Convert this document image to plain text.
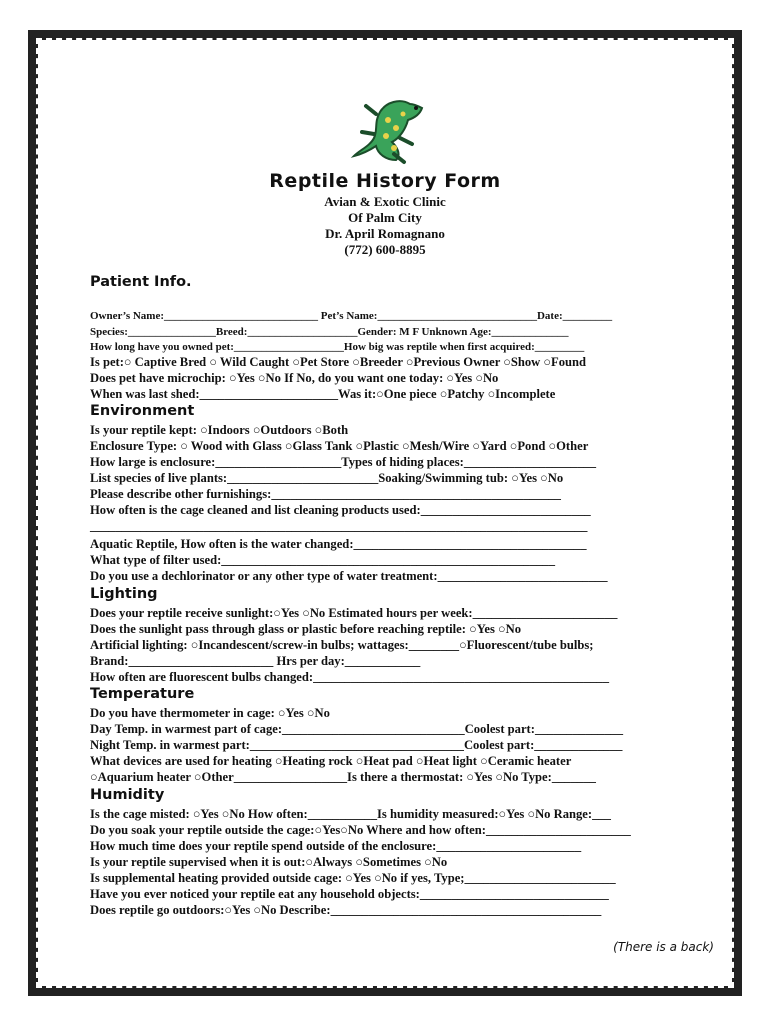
Reptile History Form
Avian & Exotic Clinic
Of Palm City
Dr. April Romagnano
(772) 600-8895
Patient Info.
Owner’s Name:____________________________ Pet’s Name:_____________________________Date:_________
Species:________________Breed:____________________Gender: M F Unknown Age:______________
How long have you owned pet:____________________How big was reptile when first acquired:_________
Is pet:○ Captive Bred ○ Wild Caught ○Pet Store ○Breeder ○Previous Owner ○Show ○Found
Does pet have microchip: ○Yes ○No If No, do you want one today: ○Yes ○No
When was last shed:______________________Was it:○One piece ○Patchy ○Incomplete
Environment
Is your reptile kept: ○Indoors ○Outdoors ○Both
Enclosure Type: ○ Wood with Glass ○Glass Tank ○Plastic ○Mesh/Wire ○Yard ○Pond ○Other
How large is enclosure:____________________Types of hiding places:_____________________
List species of live plants:________________________Soaking/Swimming tub: ○Yes ○No
Please describe other furnishings:______________________________________________
How often is the cage cleaned and list cleaning products used:___________________________
_______________________________________________________________________________
Aquatic Reptile, How often is the water changed:_____________________________________
What type of filter used:_____________________________________________________
Do you use a dechlorinator or any other type of water treatment:___________________________
Lighting
Does your reptile receive sunlight:○Yes ○No Estimated hours per week:_______________________
Does the sunlight pass through glass or plastic before reaching reptile: ○Yes ○No
Artificial lighting: ○Incandescent/screw-in bulbs; wattages:________○Fluorescent/tube bulbs;
Brand:_______________________ Hrs per day:____________
How often are fluorescent bulbs changed:_______________________________________________
Temperature
Do you have thermometer in cage: ○Yes ○No
Day Temp. in warmest part of cage:_____________________________Coolest part:______________
Night Temp. in warmest part:__________________________________Coolest part:______________
What devices are used for heating ○Heating rock ○Heat pad ○Heat light ○Ceramic heater
○Aquarium heater ○Other__________________Is there a thermostat: ○Yes ○No Type:_______
Humidity
Is the cage misted: ○Yes ○No How often:___________Is humidity measured:○Yes ○No Range:___
Do you soak your reptile outside the cage:○Yes○No Where and how often:_______________________
How much time does your reptile spend outside of the enclosure:_______________________
Is your reptile supervised when it is out:○Always ○Sometimes ○No
Is supplemental heating provided outside cage: ○Yes ○No if yes, Type;________________________
Have you ever noticed your reptile eat any household objects:______________________________
Does reptile go outdoors:○Yes ○No Describe:___________________________________________
(There is a back)
